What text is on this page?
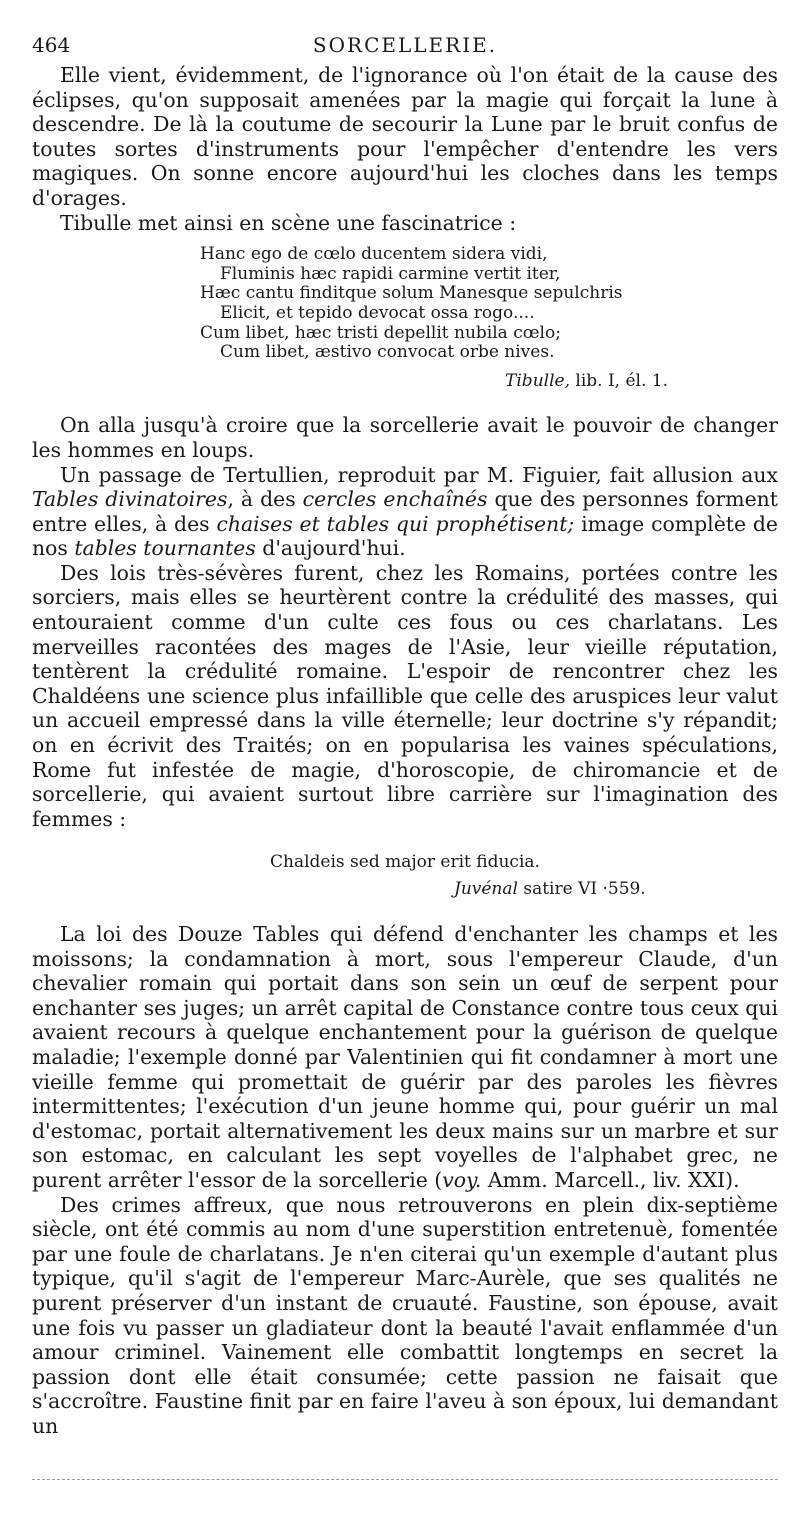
464	SORCELLERIE.

Elle vient, évidemment, de l'ignorance où l'on était de la cause des éclipses, qu'on supposait amenées par la magie qui forçait la lune à descendre. De là la coutume de secourir la Lune par le bruit confus de toutes sortes d'instruments pour l'empêcher d'entendre les vers magiques. On sonne encore aujourd'hui les cloches dans les temps d'orages.

Tibulle met ainsi en scène une fascinatrice :

Hanc ego de cœlo ducentem sidera vidi,
Fluminis hæc rapidi carmine vertit iter,
Hæc cantu finditque solum Manesque sepulchris
Elicit, et tepido devocat ossa rogo....
Cum libet, hæc tristi depellit nubila cœlo;
Cum libet, æstivo convocat orbe nives.
Tibulle, lib. I, él. 1.

On alla jusqu'à croire que la sorcellerie avait le pouvoir de changer les hommes en loups.

Un passage de Tertullien, reproduit par M. Figuier, fait allusion aux Tables divinatoires, à des cercles enchaînés que des personnes forment entre elles, à des chaises et tables qui prophétisent; image complète de nos tables tournantes d'aujourd'hui.

Des lois très-sévères furent, chez les Romains, portées contre les sorciers, mais elles se heurtèrent contre la crédulité des masses, qui entouraient comme d'un culte ces fous ou ces charlatans. Les merveilles racontées des mages de l'Asie, leur vieille réputation, tentèrent la crédulité romaine. L'espoir de rencontrer chez les Chaldéens une science plus infaillible que celle des aruspices leur valut un accueil empressé dans la ville éternelle; leur doctrine s'y répandit; on en écrivit des Traités; on en popularisa les vaines spéculations, Rome fut infestée de magie, d'horoscopie, de chiromancie et de sorcellerie, qui avaient surtout libre carrière sur l'imagination des femmes :

Chaldeis sed major erit fiducia.
Juvénal satire VI ·559.

La loi des Douze Tables qui défend d'enchanter les champs et les moissons; la condamnation à mort, sous l'empereur Claude, d'un chevalier romain qui portait dans son sein un œuf de serpent pour enchanter ses juges; un arrêt capital de Constance contre tous ceux qui avaient recours à quelque enchantement pour la guérison de quelque maladie; l'exemple donné par Valentinien qui fit condamner à mort une vieille femme qui promettait de guérir par des paroles les fièvres intermittentes; l'exécution d'un jeune homme qui, pour guérir un mal d'estomac, portait alternativement les deux mains sur un marbre et sur son estomac, en calculant les sept voyelles de l'alphabet grec, ne purent arrêter l'essor de la sorcellerie (voy. Amm. Marcell., liv. XXI).

Des crimes affreux, que nous retrouverons en plein dix-septième siècle, ont été commis au nom d'une superstition entretenuè, fomentée par une foule de charlatans. Je n'en citerai qu'un exemple d'autant plus typique, qu'il s'agit de l'empereur Marc-Aurèle, que ses qualités ne purent préserver d'un instant de cruauté. Faustine, son épouse, avait une fois vu passer un gladiateur dont la beauté l'avait enflammée d'un amour criminel. Vainement elle combattit longtemps en secret la passion dont elle était consumée; cette passion ne faisait que s'accroître. Faustine finit par en faire l'aveu à son époux, lui demandant un
